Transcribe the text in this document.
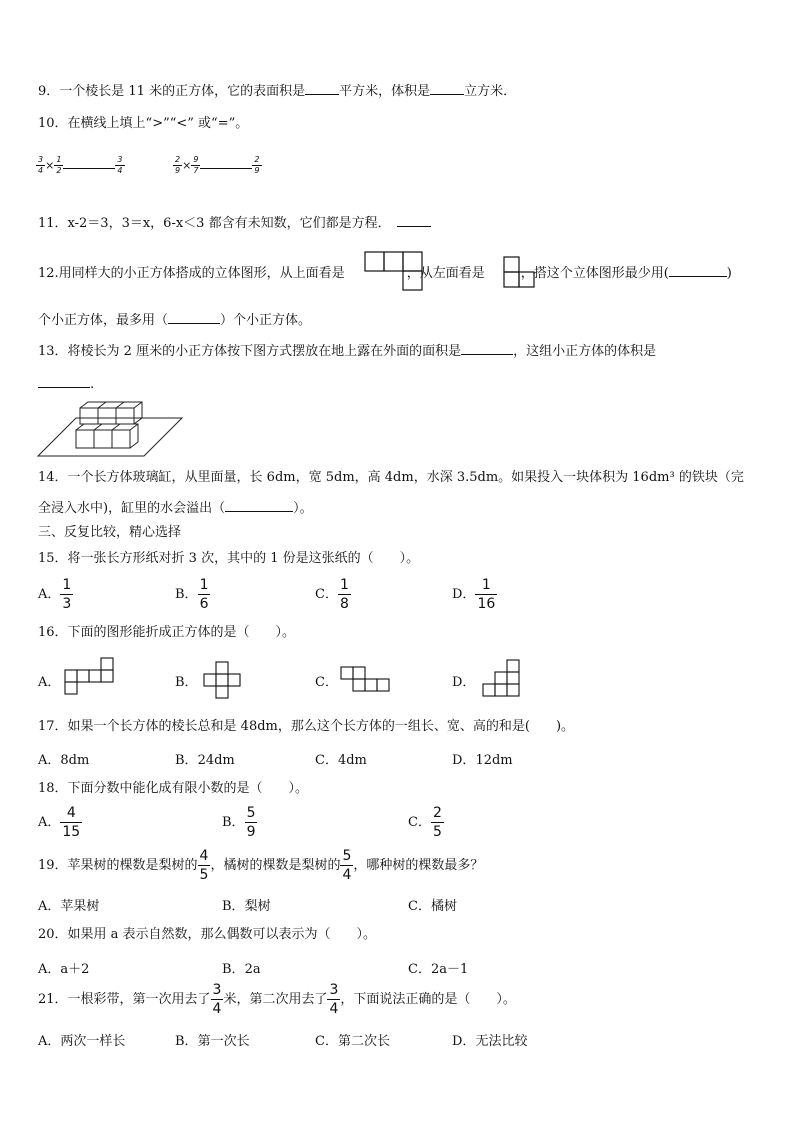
9．一个棱长是 11 米的正方体，它的表面积是	平方米，体积是	立方米．
10．在横线上填上“>”“<” 或“=”。
$\frac{3}{4} \times \frac{1}{2}$	$\frac{3}{4}$	$\frac{2}{9} \times \frac{9}{7}$	$\frac{2}{9}$
11．x-2＝3，3＝x，6-x＜3 都含有未知数，它们都是方程．
12.用同样大的小正方体搭成的立体图形，从上面看是	，从左面看是	，搭这个立体图形最少用(	)
个小正方体，最多用（	）个小正方体。
13．将棱长为 2 厘米的小正方体按下图方式摆放在地上露在外面的面积是	，这组小正方体的体积是
.
14．一个长方体玻璃缸，从里面量，长 6dm，宽 5dm，高 4dm，水深 3.5dm。如果投入一块体积为 16dm³ 的铁块（完
全浸入水中)，缸里的水会溢出（	）。
三、反复比较，精心选择
15．将一张长方形纸对折 3 次，其中的 1 份是这张纸的（　　）。
A． $\frac{1}{3}$	B． $\frac{1}{6}$	C． $\frac{1}{8}$	D． $\frac{1}{16}$
16．下面的图形能折成正方体的是（　　）。
A．	B．	C．	D．
17．如果一个长方体的棱长总和是 48dm，那么这个长方体的一组长、宽、高的和是(　　)。
A．8dm	B．24dm	C．4dm	D．12dm
18．下面分数中能化成有限小数的是（　　）。
A． $\frac{4}{15}$	B． $\frac{5}{9}$	C． $\frac{2}{5}$
19．苹果树的棵数是梨树的 $\frac{4}{5}$ ，橘树的棵数是梨树的 $\frac{5}{4}$ ，哪种树的棵数最多？
A．苹果树	B．梨树	C．橘树
20．如果用 a 表示自然数，那么偶数可以表示为（　　）。
A．a＋2	B．2a	C．2a－1
21．一根彩带，第一次用去了 $\frac{3}{4}$ 米，第二次用去了 $\frac{3}{4}$ ，下面说法正确的是（　　）。
A．两次一样长	B．第一次长	C．第二次长	D．无法比较
